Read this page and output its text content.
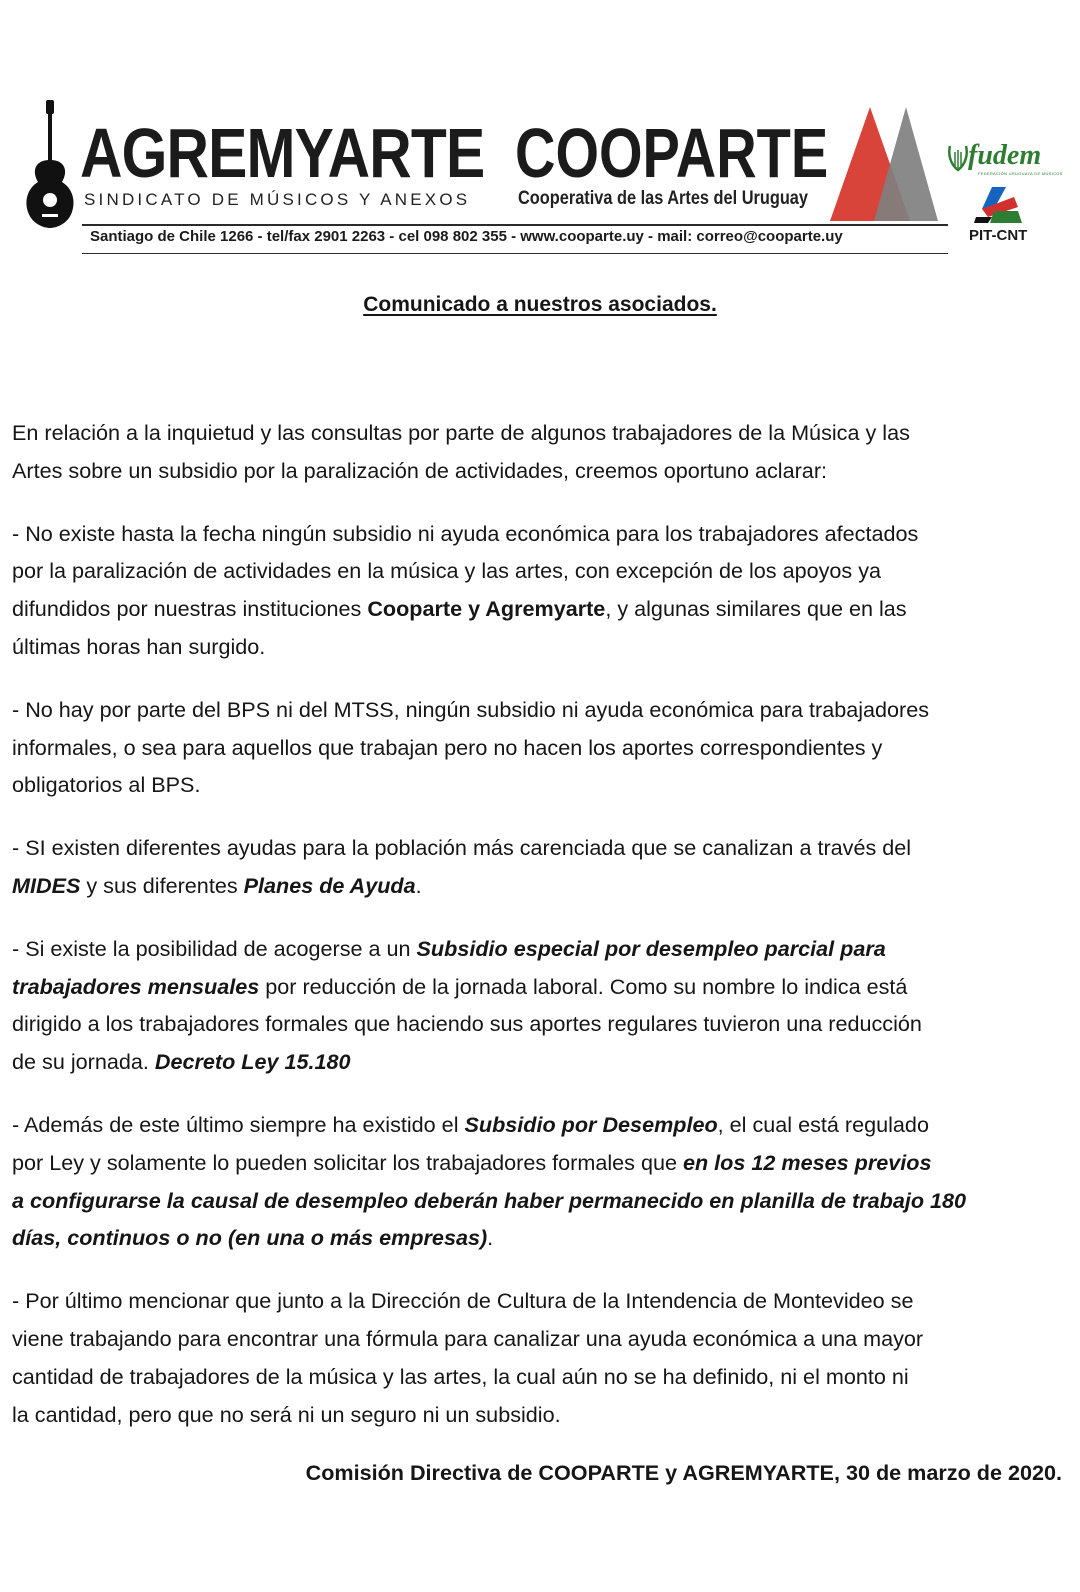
AGREMYARTE
SINDICATO DE MÚSICOS Y ANEXOS
COOPARTE
Cooperativa de las Artes del Uruguay
Santiago de Chile 1266 - tel/fax 2901 2263 - cel 098 802 355 - www.cooparte.uy - mail: correo@cooparte.uy
fudem
FEDERACIÓN URUGUAYA DE MÚSICOS
PIT-CNT
Comunicado a nuestros asociados.

En relación a la inquietud y las consultas por parte de algunos trabajadores de la Música y las
Artes sobre un subsidio por la paralización de actividades, creemos oportuno aclarar:

- No existe hasta la fecha ningún subsidio ni ayuda económica para los trabajadores afectados
por la paralización de actividades en la música y las artes, con excepción de los apoyos ya
difundidos por nuestras instituciones Cooparte y Agremyarte, y algunas similares que en las
últimas horas han surgido.

- No hay por parte del BPS ni del MTSS, ningún subsidio ni ayuda económica para trabajadores
informales, o sea para aquellos que trabajan pero no hacen los aportes correspondientes y
obligatorios al BPS.

- SI existen diferentes ayudas para la población más carenciada que se canalizan a través del
MIDES y sus diferentes Planes de Ayuda.

- Si existe la posibilidad de acogerse a un Subsidio especial por desempleo parcial para
trabajadores mensuales por reducción de la jornada laboral. Como su nombre lo indica está
dirigido a los trabajadores formales que haciendo sus aportes regulares tuvieron una reducción
de su jornada. Decreto Ley 15.180

- Además de este último siempre ha existido el Subsidio por Desempleo, el cual está regulado
por Ley y solamente lo pueden solicitar los trabajadores formales que en los 12 meses previos
a configurarse la causal de desempleo deberán haber permanecido en planilla de trabajo 180
días, continuos o no (en una o más empresas).

- Por último mencionar que junto a la Dirección de Cultura de la Intendencia de Montevideo se
viene trabajando para encontrar una fórmula para canalizar una ayuda económica a una mayor
cantidad de trabajadores de la música y las artes, la cual aún no se ha definido, ni el monto ni
la cantidad, pero que no será ni un seguro ni un subsidio.

Comisión Directiva de COOPARTE y AGREMYARTE, 30 de marzo de 2020.
